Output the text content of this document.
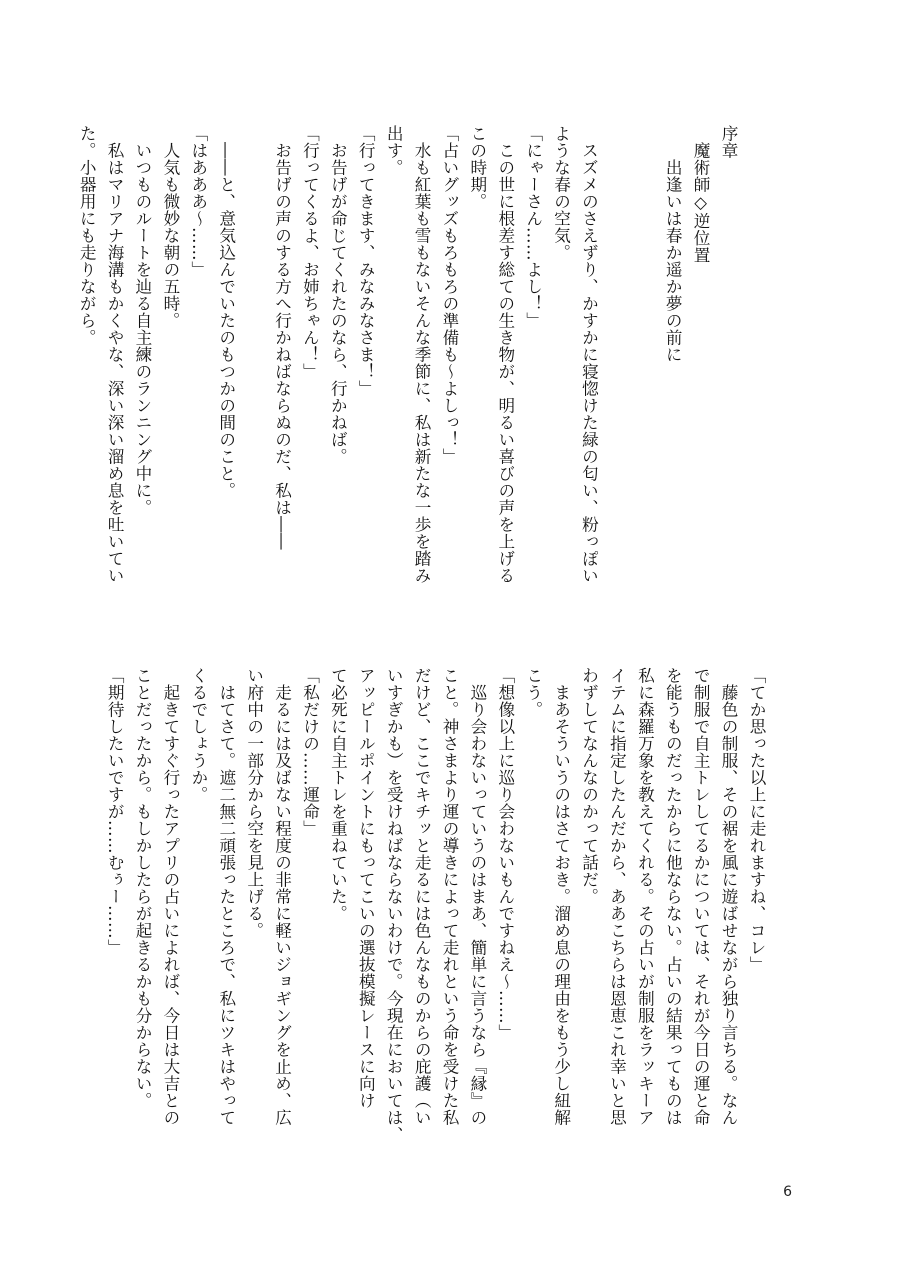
序章
　魔術師◇逆位置
　　出逢いは春か遥か夢の前に

　スズメのさえずり、かすかに寝惚けた緑の匂い、粉っぽい
ような春の空気。
「にゃーさん……よし！」
　この世に根差す総ての生き物が、明るい喜びの声を上げる
この時期。
「占いグッズもろもろの準備も〜よしっ！」
　水も紅葉も雪もないそんな季節に、私は新たな一歩を踏み
出す。
「行ってきます、みなみなさま！」
　お告げが命じてくれたのなら、行かねば。
「行ってくるよ、お姉ちゃん！」
　お告げの声のする方へ行かねばならぬのだ、私は――

　――と、意気込んでいたのもつかの間のこと。
「はあああ〜……」
　人気も微妙な朝の五時。
　いつものルートを辿る自主練のランニング中に。
　私はマリアナ海溝もかくやな、深い深い溜め息を吐いてい
た。小器用にも走りながら。
「てか思った以上に走れますね、コレ」
　藤色の制服、その裾を風に遊ばせながら独り言ちる。なん
で制服で自主トレしてるかについては、それが今日の運と命
を能うものだったからに他ならない。占いの結果ってものは
私に森羅万象を教えてくれる。その占いが制服をラッキーア
イテムに指定したんだから、ああこちらは恩恵これ幸いと思
わずしてなんなのかって話だ。
　まあそういうのはさておき。溜め息の理由をもう少し紐解
こう。
「想像以上に巡り会わないもんですねえ〜……」
　巡り会わないっていうのはまあ、簡単に言うなら『縁』の
こと。神さまより運の導きによって走れという命を受けた私
だけど、ここでキチッと走るには色んなものからの庇護（い
いすぎかも）を受けねばならないわけで。今現在においては、
アッピールポイントにもってこいの選抜模擬レースに向け
て必死に自主トレを重ねていた。
「私だけの……運命」
　走るには及ばない程度の非常に軽いジョギングを止め、広
い府中の一部分から空を見上げる。
　はてさて。遮二無二頑張ったところで、私にツキはやって
くるでしょうか。
　起きてすぐ行ったアプリの占いによれば、今日は大吉との
ことだったから。もしかしたらが起きるかも分からない。
「期待したいですが……むぅー……」
6
